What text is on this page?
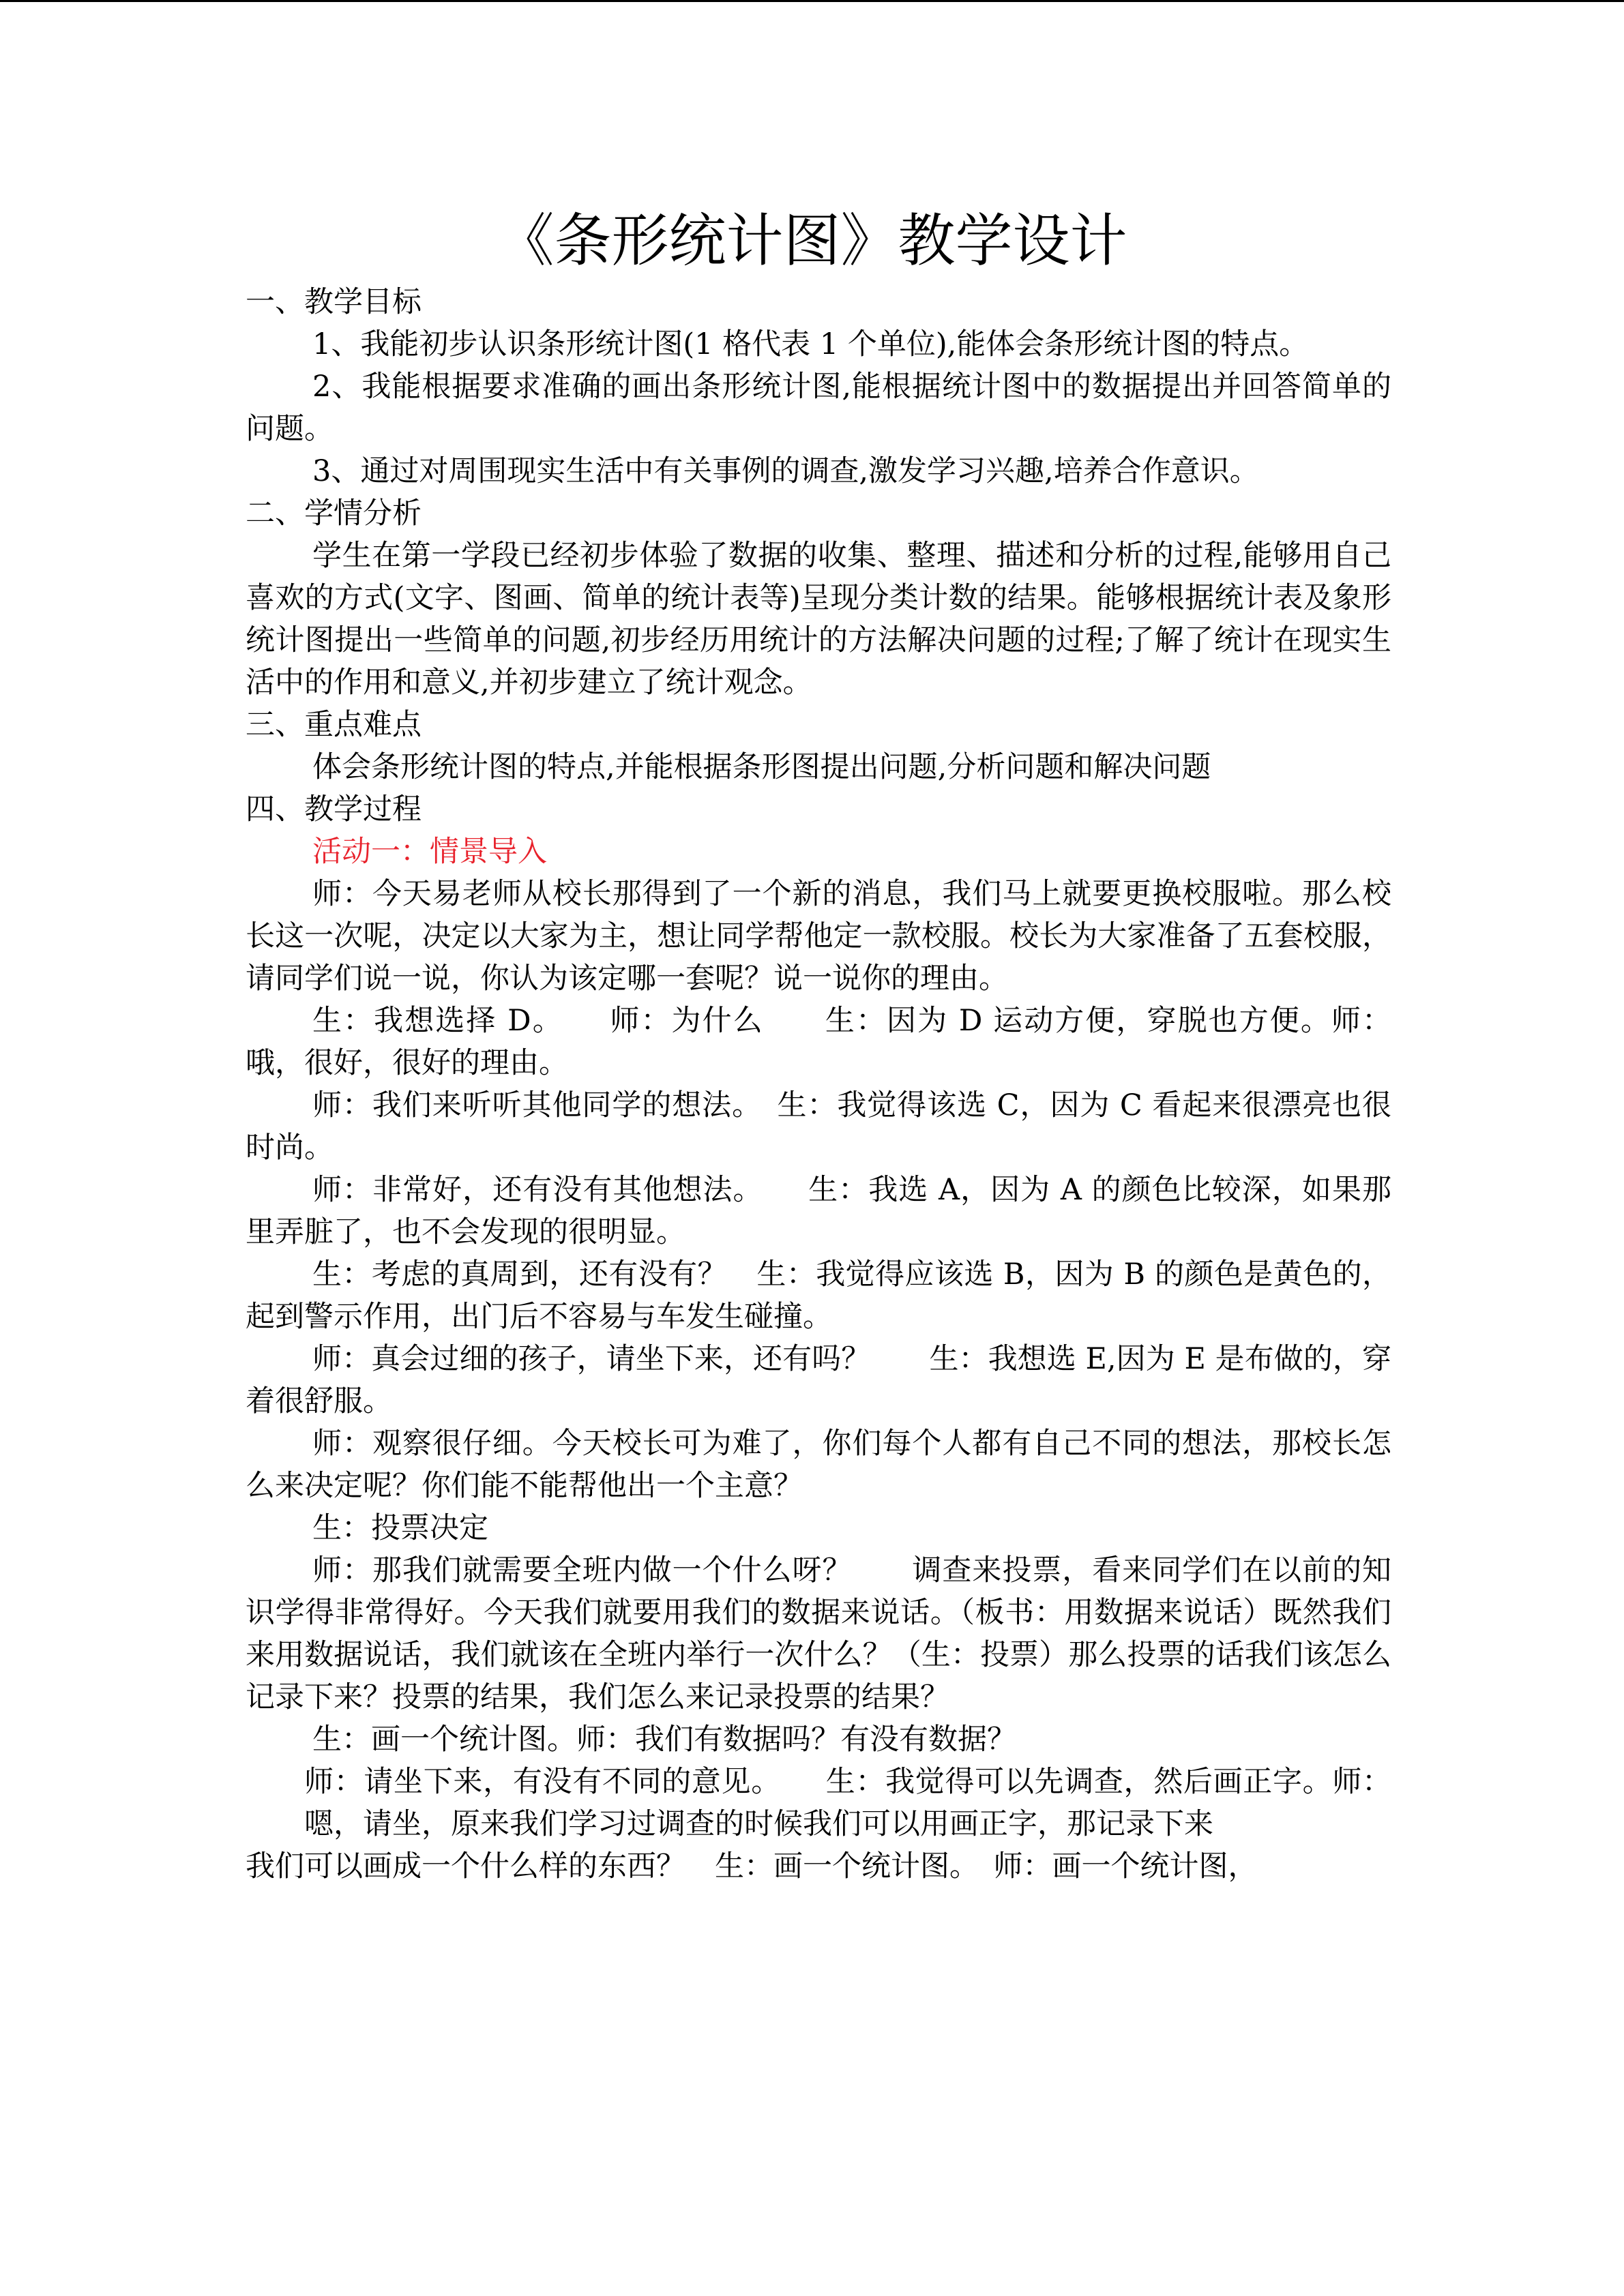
《条形统计图》教学设计

一、教学目标

1、我能初步认识条形统计图(1 格代表 1 个单位),能体会条形统计图的特点。

2、我能根据要求准确的画出条形统计图,能根据统计图中的数据提出并回答简单的问题。

3、通过对周围现实生活中有关事例的调查,激发学习兴趣,培养合作意识。

二、学情分析

学生在第一学段已经初步体验了数据的收集、整理、描述和分析的过程,能够用自己喜欢的方式(文字、图画、简单的统计表等)呈现分类计数的结果。能够根据统计表及象形统计图提出一些简单的问题,初步经历用统计的方法解决问题的过程;了解了统计在现实生活中的作用和意义,并初步建立了统计观念。

三、重点难点

体会条形统计图的特点,并能根据条形图提出问题,分析问题和解决问题

四、教学过程

活动一：情景导入

师：今天易老师从校长那得到了一个新的消息，我们马上就要更换校服啦。那么校长这一次呢，决定以大家为主，想让同学帮他定一款校服。校长为大家准备了五套校服，请同学们说一说，你认为该定哪一套呢？说一说你的理由。

生：我想选择 D。　　师：为什么　　生：因为 D 运动方便，穿脱也方便。师：哦，很好，很好的理由。

师：我们来听听其他同学的想法。　生：我觉得该选 C，因为 C 看起来很漂亮也很时尚。

师：非常好，还有没有其他想法。　　生：我选 A，因为 A 的颜色比较深，如果那里弄脏了，也不会发现的很明显。

生：考虑的真周到，还有没有？　生：我觉得应该选 B，因为 B 的颜色是黄色的，起到警示作用，出门后不容易与车发生碰撞。

师：真会过细的孩子，请坐下来，还有吗？　　生：我想选 E,因为 E 是布做的，穿着很舒服。

师：观察很仔细。今天校长可为难了，你们每个人都有自己不同的想法，那校长怎么来决定呢？你们能不能帮他出一个主意？

生：投票决定

师：那我们就需要全班内做一个什么呀？　　调查来投票，看来同学们在以前的知识学得非常得好。今天我们就要用我们的数据来说话。（板书：用数据来说话）既然我们来用数据说话，我们就该在全班内举行一次什么？（生：投票）那么投票的话我们该怎么记录下来？投票的结果，我们怎么来记录投票的结果？

生：画一个统计图。师：我们有数据吗？有没有数据？

师：请坐下来，有没有不同的意见。　　生：我觉得可以先调查，然后画正字。师：嗯，请坐，原来我们学习过调查的时候我们可以用画正字，那记录下来

我们可以画成一个什么样的东西？　生：画一个统计图。　师：画一个统计图，
